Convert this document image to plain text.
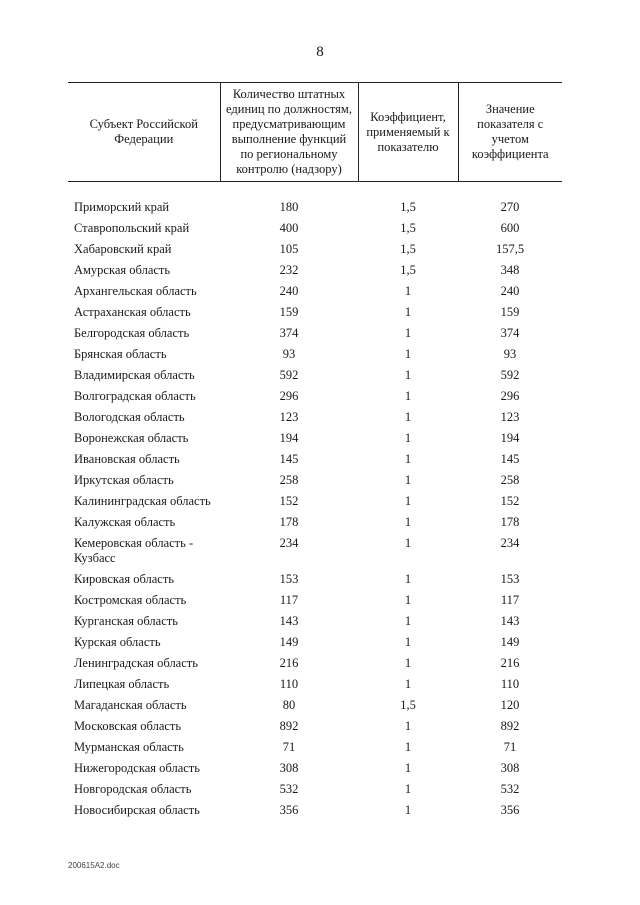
8
Субъект Российской Федерации	Количество штатных единиц по должностям, предусматривающим выполнение функций по региональному контролю (надзору)	Коэффициент, применяемый к показателю	Значение показателя с учетом коэффициента
Приморский край	180	1,5	270
Ставропольский край	400	1,5	600
Хабаровский край	105	1,5	157,5
Амурская область	232	1,5	348
Архангельская область	240	1	240
Астраханская область	159	1	159
Белгородская область	374	1	374
Брянская область	93	1	93
Владимирская область	592	1	592
Волгоградская область	296	1	296
Вологодская область	123	1	123
Воронежская область	194	1	194
Ивановская область	145	1	145
Иркутская область	258	1	258
Калининградская область	152	1	152
Калужская область	178	1	178
Кемеровская область - Кузбасс	234	1	234
Кировская область	153	1	153
Костромская область	117	1	117
Курганская область	143	1	143
Курская область	149	1	149
Ленинградская область	216	1	216
Липецкая область	110	1	110
Магаданская область	80	1,5	120
Московская область	892	1	892
Мурманская область	71	1	71
Нижегородская область	308	1	308
Новгородская область	532	1	532
Новосибирская область	356	1	356
200615A2.doc
